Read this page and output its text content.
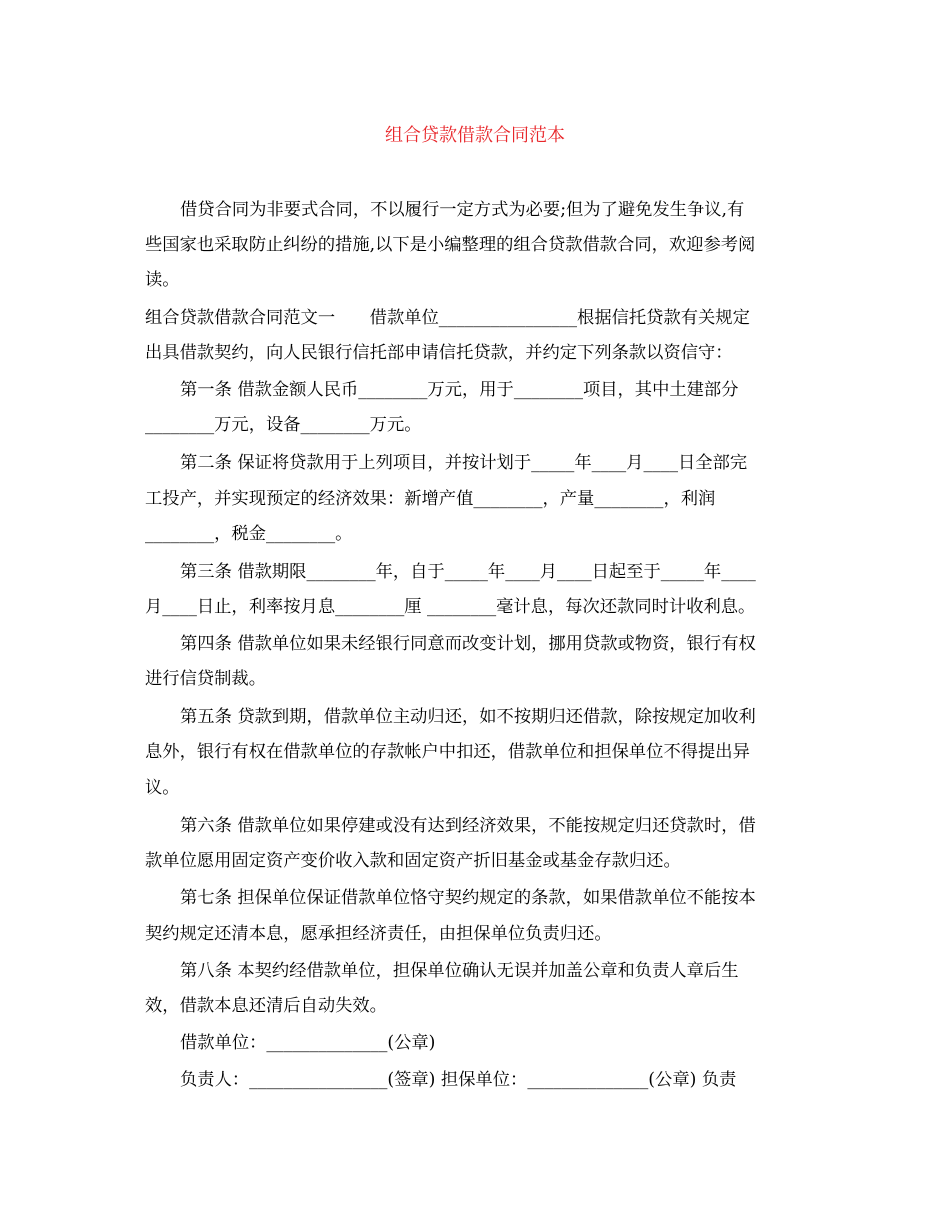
组合贷款借款合同范本
借贷合同为非要式合同，不以履行一定方式为必要;但为了避免发生争议,有
些国家也采取防止纠纷的措施,以下是小编整理的组合贷款借款合同，欢迎参考阅
读。
组合贷款借款合同范文一　　借款单位________________根据信托贷款有关规定
出具借款契约，向人民银行信托部申请信托贷款，并约定下列条款以资信守：
第一条 借款金额人民币________万元，用于________项目，其中土建部分
________万元，设备________万元。
第二条 保证将贷款用于上列项目，并按计划于_____年____月____日全部完
工投产，并实现预定的经济效果：新增产值________，产量________，利润
________，税金________。
第三条 借款期限________年，自于_____年____月____日起至于_____年____
月____日止，利率按月息________厘 ________毫计息，每次还款同时计收利息。
第四条 借款单位如果未经银行同意而改变计划，挪用贷款或物资，银行有权
进行信贷制裁。
第五条 贷款到期，借款单位主动归还，如不按期归还借款，除按规定加收利
息外，银行有权在借款单位的存款帐户中扣还，借款单位和担保单位不得提出异
议。
第六条 借款单位如果停建或没有达到经济效果，不能按规定归还贷款时，借
款单位愿用固定资产变价收入款和固定资产折旧基金或基金存款归还。
第七条 担保单位保证借款单位恪守契约规定的条款，如果借款单位不能按本
契约规定还清本息，愿承担经济责任，由担保单位负责归还。
第八条 本契约经借款单位，担保单位确认无误并加盖公章和负责人章后生
效，借款本息还清后自动失效。
借款单位：______________(公章)
负责人：________________(签章) 担保单位：______________(公章) 负责
